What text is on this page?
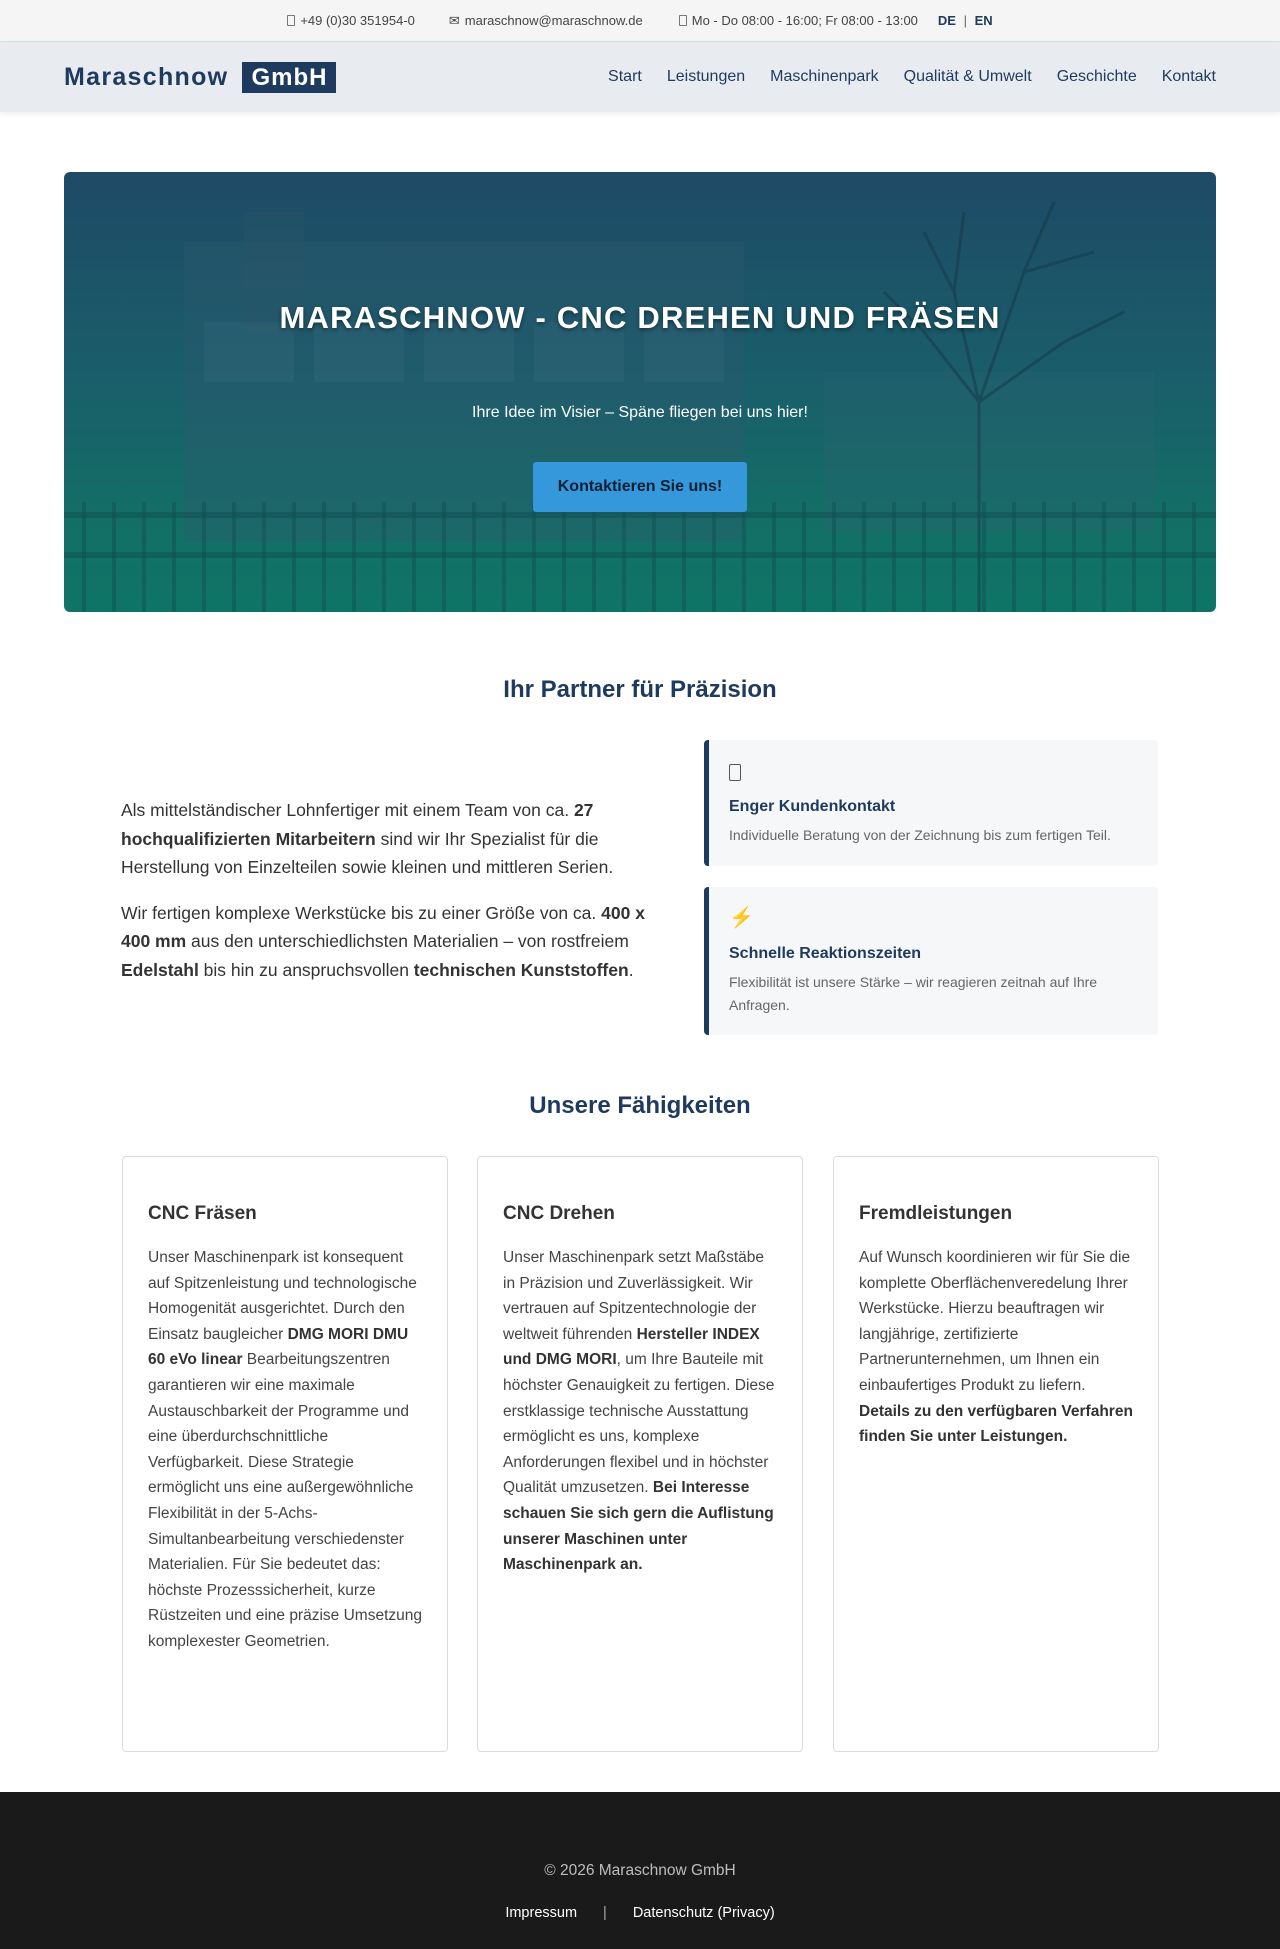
+49 (0)30 351954-0	✉ maraschnow@maraschnow.de	Mo - Do 08:00 - 16:00; Fr 08:00 - 13:00 DE | EN
Maraschnow GmbH	Start Leistungen Maschinenpark Qualität & Umwelt Geschichte Kontakt
MARASCHNOW - CNC DREHEN UND FRÄSEN
Ihre Idee im Visier – Späne fliegen bei uns hier!
Kontaktieren Sie uns!
Ihr Partner für Präzision

Als mittelständischer Lohnfertiger mit einem Team von ca. 27 hochqualifizierten Mitarbeitern sind wir Ihr Spezialist für die Herstellung von Einzelteilen sowie kleinen und mittleren Serien.

Wir fertigen komplexe Werkstücke bis zu einer Größe von ca. 400 x 400 mm aus den unterschiedlichsten Materialien – von rostfreiem Edelstahl bis hin zu anspruchsvollen technischen Kunststoffen.

Enger Kundenkontakt

Individuelle Beratung von der Zeichnung bis zum fertigen Teil.

⚡
Schnelle Reaktionszeiten

Flexibilität ist unsere Stärke – wir reagieren zeitnah auf Ihre Anfragen.

Unsere Fähigkeiten
CNC Fräsen

Unser Maschinenpark ist konsequent auf Spitzenleistung und technologische Homogenität ausgerichtet. Durch den Einsatz baugleicher DMG MORI DMU 60 eVo linear Bearbeitungszentren garantieren wir eine maximale Austauschbarkeit der Programme und eine überdurchschnittliche Verfügbarkeit. Diese Strategie ermöglicht uns eine außergewöhnliche Flexibilität in der 5-Achs-Simultanbearbeitung verschiedenster Materialien. Für Sie bedeutet das: höchste Prozesssicherheit, kurze Rüstzeiten und eine präzise Umsetzung komplexester Geometrien.

CNC Drehen

Unser Maschinenpark setzt Maßstäbe in Präzision und Zuverlässigkeit. Wir vertrauen auf Spitzentechnologie der weltweit führenden Hersteller INDEX und DMG MORI, um Ihre Bauteile mit höchster Genauigkeit zu fertigen. Diese erstklassige technische Ausstattung ermöglicht es uns, komplexe Anforderungen flexibel und in höchster Qualität umzusetzen. Bei Interesse schauen Sie sich gern die Auflistung unserer Maschinen unter Maschinenpark an.

Fremdleistungen

Auf Wunsch koordinieren wir für Sie die komplette Oberflächenveredelung Ihrer Werkstücke. Hierzu beauftragen wir langjährige, zertifizierte Partnerunternehmen, um Ihnen ein einbaufertiges Produkt zu liefern. Details zu den verfügbaren Verfahren finden Sie unter Leistungen.

© 2026 Maraschnow GmbH
Impressum | Datenschutz (Privacy)
